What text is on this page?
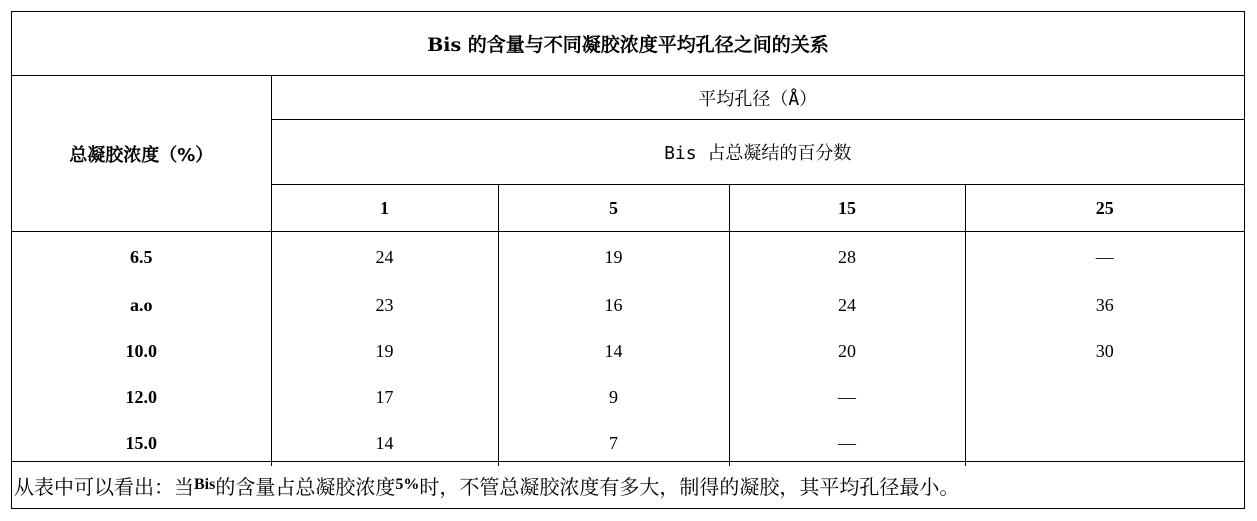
Bis 的含量与不同凝胶浓度平均孔径之间的关系
总凝胶浓度（%）	平均孔径（Å）			
	Bis 占总凝结的百分数			
	1	5	15	25
6.5	24	19	28	—
a.o	23	16	24	36
10.0	19	14	20	30
12.0	17	9	—	
15.0	14	7	—	
从表中可以看出：当 Bis 的含量占总凝胶浓度 5% 时，不管总凝胶浓度有多大，制得的凝胶，其平均孔径最小。
